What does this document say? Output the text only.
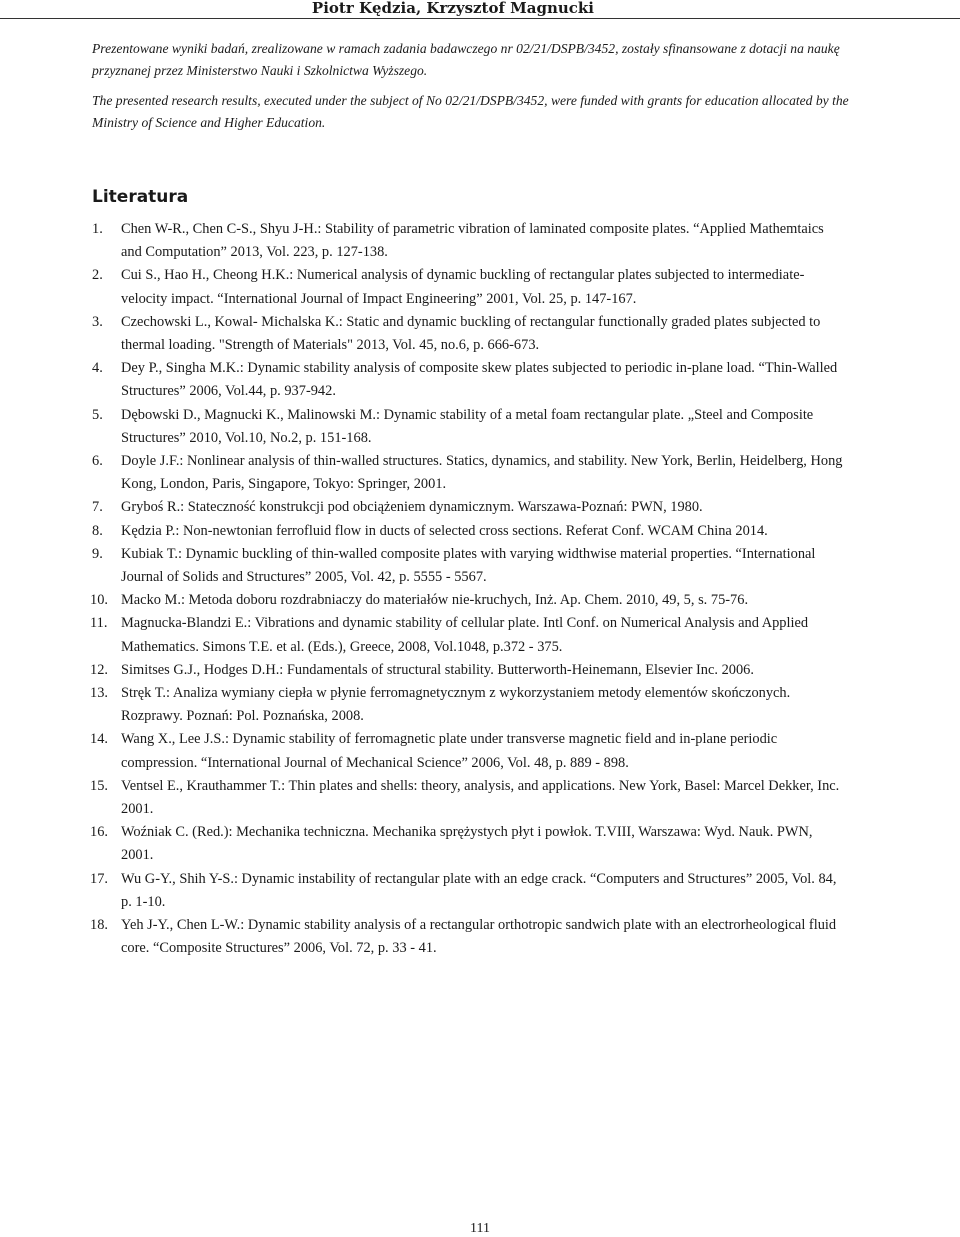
Piotr Kędzia, Krzysztof Magnucki

Prezentowane wyniki badań, zrealizowane w ramach zadania badawczego nr 02/21/DSPB/3452, zostały sfinansowane z dotacji na naukę przyznanej przez Ministerstwo Nauki i Szkolnictwa Wyższego.

The presented research results, executed under the subject of No 02/21/DSPB/3452, were funded with grants for education allocated by the Ministry of Science and Higher Education.

Literatura
1. Chen W-R., Chen C-S., Shyu J-H.: Stability of parametric vibration of laminated composite plates. “Applied Mathemtaics and Computation” 2013, Vol. 223, p. 127-138.
2. Cui S., Hao H., Cheong H.K.: Numerical analysis of dynamic buckling of rectangular plates subjected to intermediate-velocity impact. “International Journal of Impact Engineering” 2001, Vol. 25, p. 147-167.
3. Czechowski L., Kowal- Michalska K.: Static and dynamic buckling of rectangular functionally graded plates subjected to thermal loading. "Strength of Materials" 2013, Vol. 45, no.6, p. 666-673.
4. Dey P., Singha M.K.: Dynamic stability analysis of composite skew plates subjected to periodic in-plane load. “Thin-Walled Structures” 2006, Vol.44, p. 937-942.
5. Dębowski D., Magnucki K., Malinowski M.: Dynamic stability of a metal foam rectangular plate. „Steel and Composite Structures” 2010, Vol.10, No.2, p. 151-168.
6. Doyle J.F.: Nonlinear analysis of thin-walled structures. Statics, dynamics, and stability. New York, Berlin, Heidelberg, Hong Kong, London, Paris, Singapore, Tokyo: Springer, 2001.
7. Gryboś R.: Stateczność konstrukcji pod obciążeniem dynamicznym. Warszawa-Poznań: PWN, 1980.
8. Kędzia P.: Non-newtonian ferrofluid flow in ducts of selected cross sections. Referat Conf. WCAM China 2014.
9. Kubiak T.: Dynamic buckling of thin-walled composite plates with varying widthwise material properties. “International Journal of Solids and Structures” 2005, Vol. 42, p. 5555 - 5567.
10. Macko M.: Metoda doboru rozdrabniaczy do materiałów nie-kruchych, Inż. Ap. Chem. 2010, 49, 5, s. 75-76.
11. Magnucka-Blandzi E.: Vibrations and dynamic stability of cellular plate. Intl Conf. on Numerical Analysis and Applied Mathematics. Simons T.E. et al. (Eds.), Greece, 2008, Vol.1048, p.372 - 375.
12. Simitses G.J., Hodges D.H.: Fundamentals of structural stability. Butterworth-Heinemann, Elsevier Inc. 2006.
13. Stręk T.: Analiza wymiany ciepła w płynie ferromagnetycznym z wykorzystaniem metody elementów skończonych. Rozprawy. Poznań: Pol. Poznańska, 2008.
14. Wang X., Lee J.S.: Dynamic stability of ferromagnetic plate under transverse magnetic field and in-plane periodic compression. “International Journal of Mechanical Science” 2006, Vol. 48, p. 889 - 898.
15. Ventsel E., Krauthammer T.: Thin plates and shells: theory, analysis, and applications. New York, Basel: Marcel Dekker, Inc. 2001.
16. Woźniak C. (Red.): Mechanika techniczna. Mechanika sprężystych płyt i powłok. T.VIII, Warszawa: Wyd. Nauk. PWN, 2001.
17. Wu G-Y., Shih Y-S.: Dynamic instability of rectangular plate with an edge crack. “Computers and Structures” 2005, Vol. 84, p. 1-10.
18. Yeh J-Y., Chen L-W.: Dynamic stability analysis of a rectangular orthotropic sandwich plate with an electrorheological fluid core. “Composite Structures” 2006, Vol. 72, p. 33 - 41.
111
